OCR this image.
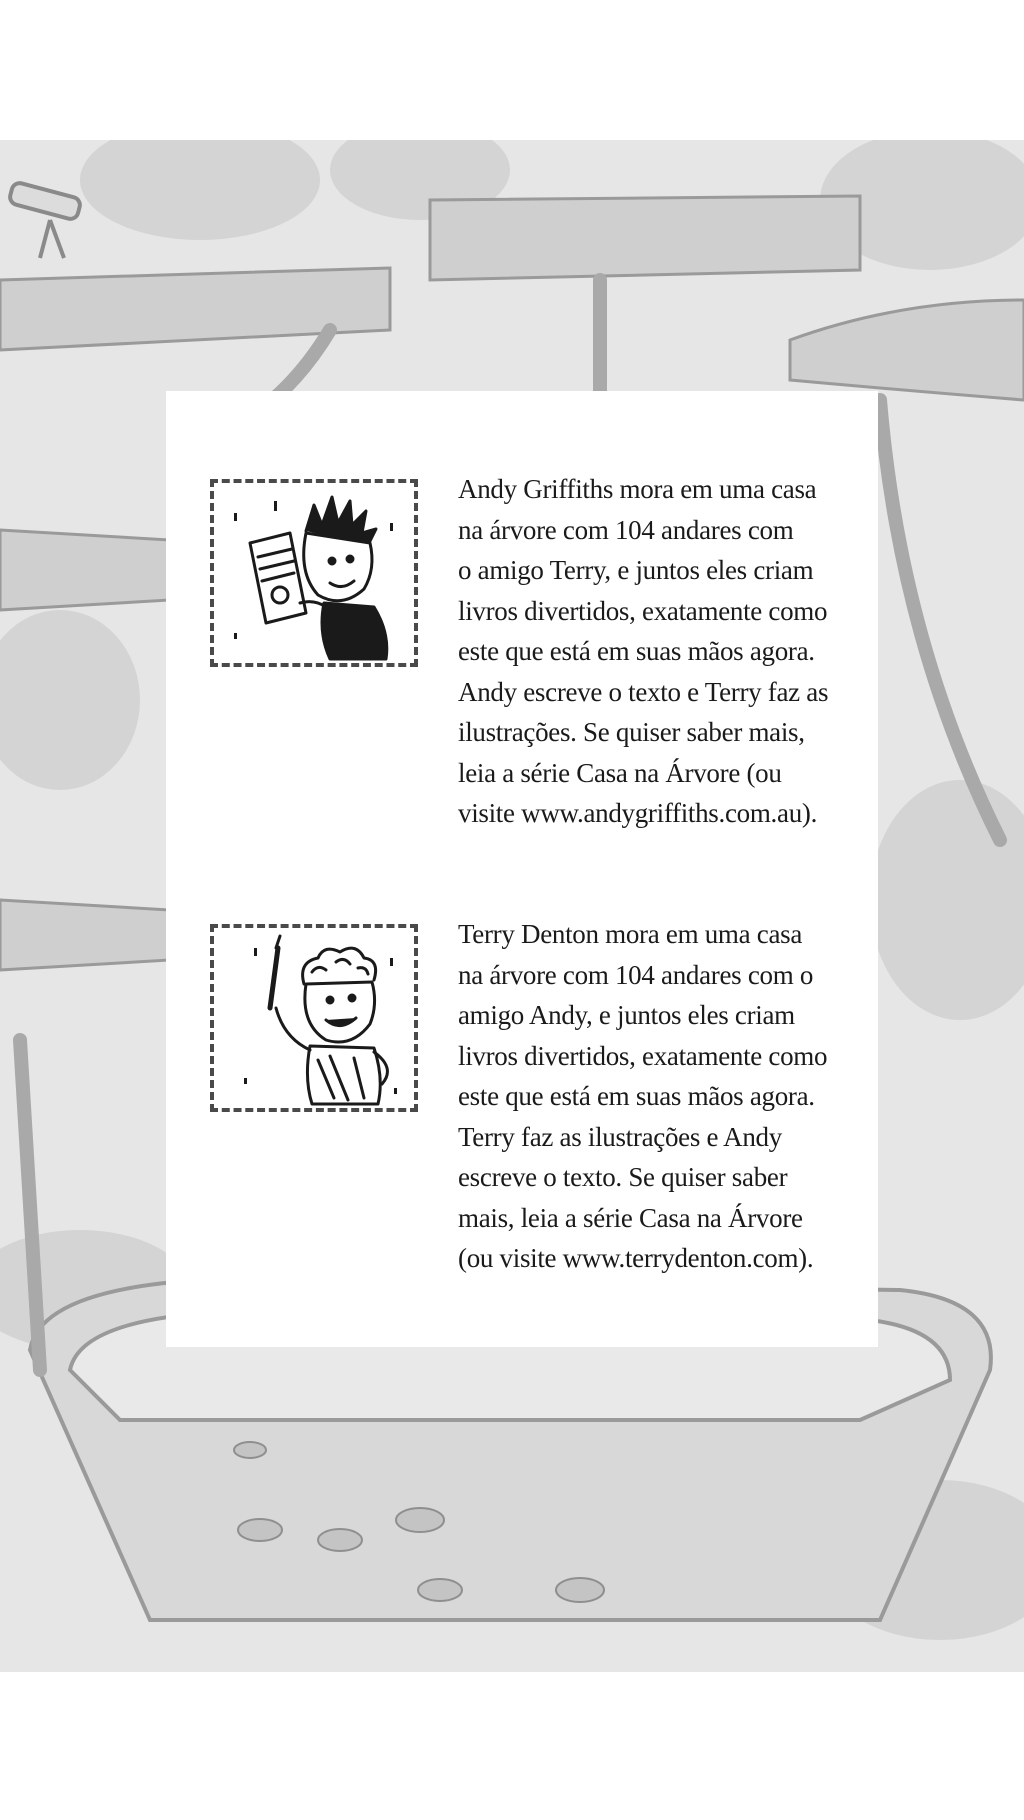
Andy Griffiths mora em uma casa
na árvore com 104 andares com
o amigo Terry, e juntos eles criam
livros divertidos, exatamente como
este que está em suas mãos agora.
Andy escreve o texto e Terry faz as
ilustrações. Se quiser saber mais,
leia a série Casa na Árvore (ou
visite www.andygriffiths.com.au).

Terry Denton mora em uma casa
na árvore com 104 andares com o
amigo Andy, e juntos eles criam
livros divertidos, exatamente como
este que está em suas mãos agora.
Terry faz as ilustrações e Andy
escreve o texto. Se quiser saber
mais, leia a série Casa na Árvore
(ou visite www.terrydenton.com).
